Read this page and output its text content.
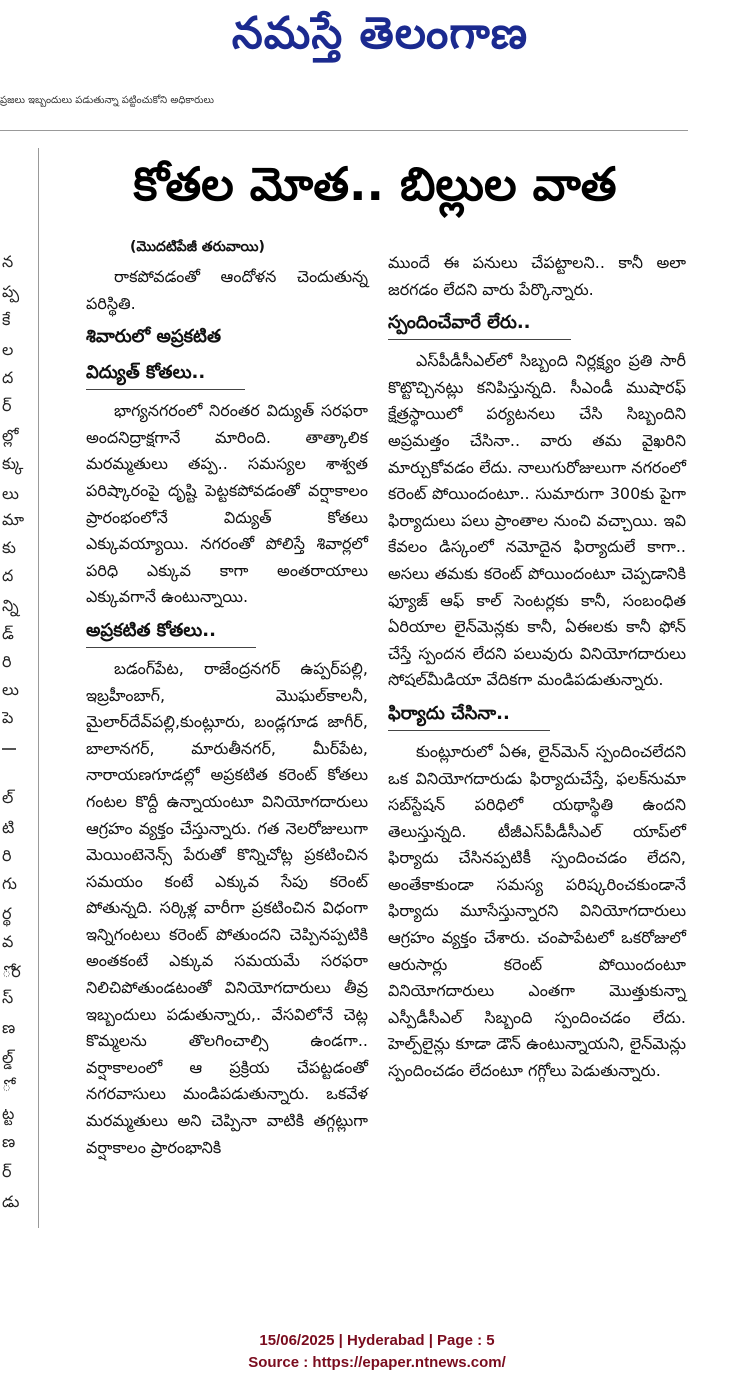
నమస్తే తెలంగాణ
ప్రజలు ఇబ్బందులు పడుతున్నా పట్టించుకోని అధికారులు
న
ప్ప
కే
ల
ద
ర్
ల్లో
క్కు
లు
మా
కు
ద
న్ని
డ్
రి
లు
పె
ల్
టి
రి
గు
ర్థ
వ
ోర
స్
ణ
ల్డ్
ో
ట్ట
ణ
ర్
డు
కోతల మోత.. బిల్లుల వాత
(మొదటిపేజీ తరువాయి)

రాకపోవడంతో ఆందోళన చెందుతున్న పరిస్థితి.

శివారులో అప్రకటిత
విద్యుత్ కోతలు..

భాగ్యనగరంలో నిరంతర విద్యుత్ సరఫరా అందనిద్రాక్షగానే మారింది. తాత్కాలిక మరమ్మతులు తప్ప.. సమస్యల శాశ్వత పరిష్కారంపై దృష్టి పెట్టకపోవడంతో వర్షాకాలం ప్రారంభంలోనే విద్యుత్ కోతలు ఎక్కువయ్యాయి. నగరంతో పోలిస్తే శివార్లలో పరిధి ఎక్కువ కాగా అంతరాయాలు ఎక్కువగానే ఉంటున్నాయి.

అప్రకటిత కోతలు..

బడంగ్‌పేట, రాజేంద్రనగర్ ఉప్పర్‌పల్లి, ఇబ్రహీంబాగ్, మొఘల్‌కాలనీ, మైలార్‌దేవ్‌పల్లి,కుంట్లూరు, బండ్లగూడ జాగీర్, బాలానగర్, మారుతీనగర్, మీర్‌పేట, నారాయణగూడల్లో అప్రకటిత కరెంట్ కోతలు గంటల కొద్దీ ఉన్నాయంటూ వినియోగదారులు ఆగ్రహం వ్యక్తం చేస్తున్నారు. గత నెలరోజులుగా మెయింటెనెన్స్ పేరుతో కొన్నిచోట్ల ప్రకటించిన సమయం కంటే ఎక్కువ సేపు కరెంట్ పోతున్నది. సర్కిళ్ల వారీగా ప్రకటించిన విధంగా ఇన్నిగంటలు కరెంట్ పోతుందని చెప్పినప్పటికి అంతకంటే ఎక్కువ సమయమే సరఫరా నిలిచిపోతుండటంతో వినియోగదారులు తీవ్ర ఇబ్బందులు పడుతున్నారు,. వేసవిలోనే చెట్ల కొమ్మలను తొలగించాల్సి ఉండగా.. వర్షాకాలంలో ఆ ప్రక్రియ చేపట్టడంతో నగరవాసులు మండిపడుతున్నారు. ఒకవేళ మరమ్మతులు అని చెప్పినా వాటికి తగ్గట్లుగా వర్షాకాలం ప్రారంభానికి

ముందే ఈ పనులు చేపట్టాలని.. కానీ అలా జరగడం లేదని వారు పేర్కొన్నారు.

స్పందించేవారే లేరు..

ఎస్‌పీడీసీఎల్‌లో సిబ్బంది నిర్లక్ష్యం ప్రతి సారీ కొట్టొచ్చినట్లు కనిపిస్తున్నది. సీఎండీ ముషారఫ్ క్షేత్రస్థాయిలో పర్యటనలు చేసి సిబ్బందిని అప్రమత్తం చేసినా.. వారు తమ వైఖరిని మార్చుకోవడం లేదు. నాలుగురోజులుగా నగరంలో కరెంట్ పోయిందంటూ.. సుమారుగా 300కు పైగా ఫిర్యాదులు పలు ప్రాంతాల నుంచి వచ్చాయి. ఇవి కేవలం డిస్కంలో నమోదైన ఫిర్యాదులే కాగా.. అసలు తమకు కరెంట్ పోయిందంటూ చెప్పడానికి ఫ్యూజ్ ఆఫ్ కాల్ సెంటర్లకు కానీ, సంబంధిత ఏరియాల లైన్‌మెన్లకు కానీ, ఏఈలకు కానీ ఫోన్ చేస్తే స్పందన లేదని పలువురు వినియోగదారులు సోషల్‌మీడియా వేదికగా మండిపడుతున్నారు.

ఫిర్యాదు చేసినా..

కుంట్లూరులో ఏఈ, లైన్‌మెన్ స్పందించలేదని ఒక వినియోగదారుడు ఫిర్యాదుచేస్తే, ఫలక్‌నుమా సబ్‌స్టేషన్ పరిధిలో యథాస్థితి ఉందని తెలుస్తున్నది. టీజీఎస్‌పీడీసీఎల్ యాప్‌లో ఫిర్యాదు చేసినప్పటికీ స్పందించడం లేదని, అంతేకాకుండా సమస్య పరిష్కరించకుండానే ఫిర్యాదు మూసేస్తున్నారని వినియోగదారులు ఆగ్రహం వ్యక్తం చేశారు. చంపాపేటలో ఒకరోజులో ఆరుసార్లు కరెంట్ పోయిందంటూ వినియోగదారులు ఎంతగా మొత్తుకున్నా ఎస్పీడీసీఎల్ సిబ్బంది స్పందించడం లేదు. హెల్ప్‌లైన్లు కూడా డౌన్ ఉంటున్నాయని, లైన్‌మెన్లు స్పందించడం లేదంటూ గగ్గోలు పెడుతున్నారు.

15/06/2025 | Hyderabad | Page : 5
Source : https://epaper.ntnews.com/
